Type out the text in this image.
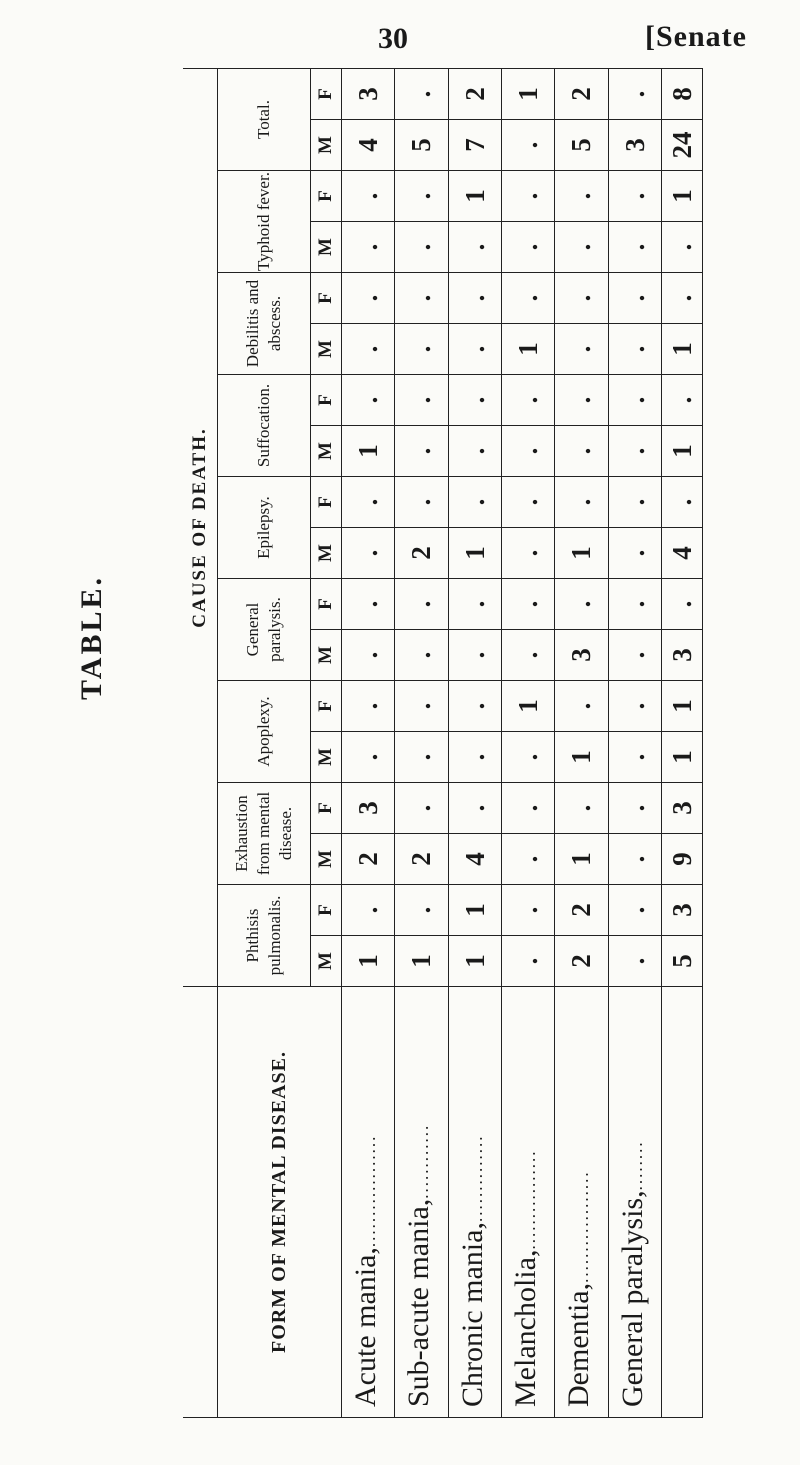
30	[Senate
TABLE.
	CAUSE OF DEATH.																	
FORM OF MENTAL DISEASE.	Phthisis pulmonalis.		Exhaustion from mental disease.		Apoplexy.		General paralysis.		Epilepsy.		Suffocation.		Debilitis and abscess.		Typhoid fever.		Total.	
	M	F	M	F	M	F	M	F	M	F	M	F	M	F	M	F	M	F
Acute mania,..................	1	.	2	3	.	.	.	.	.	.	1	.	.	.	.	.	4	3
Sub-acute mania,............	1	.	2	.	.	.	.	.	2	.	.	.	.	.	.	.	5	.
Chronic mania,..............	1	1	4	.	.	.	.	.	1	.	.	.	.	.	.	1	7	2
Melancholia,................	.	.	.	.	.	1	.	.	.	.	.	.	1	.	.	.	.	1
Dementia,..................	2	2	1	.	1	.	3	.	1	.	.	.	.	.	.	.	5	2
General paralysis,........	.	.	.	.	.	.	.	.	.	.	.	.	.	.	.	.	3	.
	5	3	9	3	1	1	3	.	4	.	1	.	1	.	.	1	24	8
